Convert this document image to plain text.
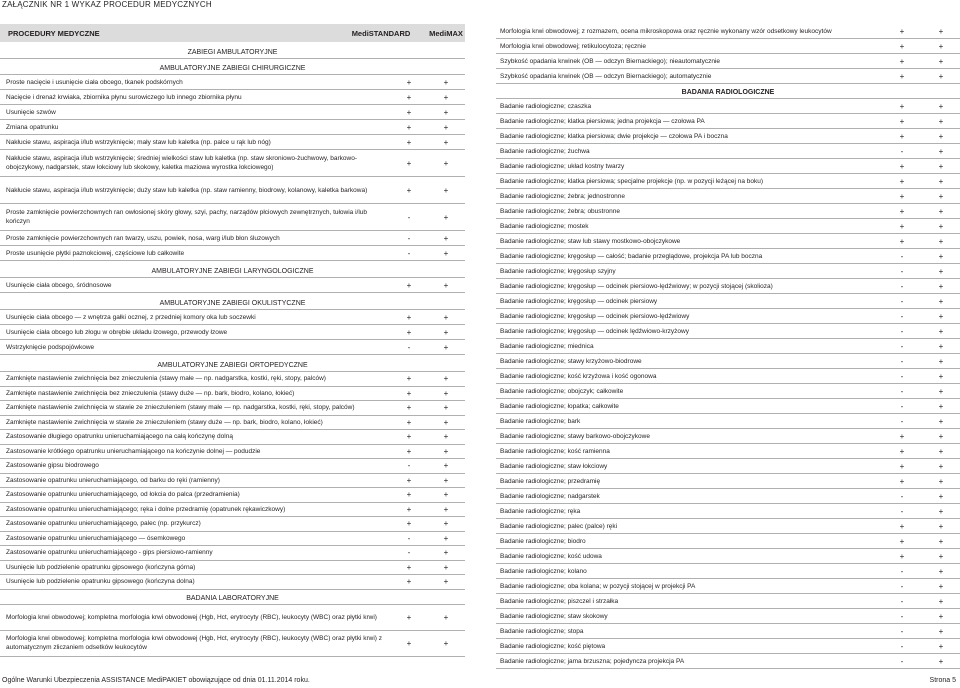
ZAŁĄCZNIK NR 1 WYKAZ PROCEDUR MEDYCZNYCH
PROCEDURY MEDYCZNE	MediSTANDARD	MediMAX
ZABIEGI AMBULATORYJNE
AMBULATORYJNE ZABIEGI CHIRURGICZNE
Proste nacięcie i usunięcie ciała obcego, tkanek podskórnych	+	+
Nacięcie i drenaż krwiaka, zbiornika płynu surowiczego lub innego zbiornika płynu	+	+
Usunięcie szwów	+	+
Zmiana opatrunku	+	+
Nakłucie stawu, aspiracja i/lub wstrzyknięcie; mały staw lub kaletka (np. palce u rąk lub nóg)	+	+
Nakłucie stawu, aspiracja i/lub wstrzyknięcie; średniej wielkości staw lub kaletka (np. staw skroniowo-żuchwowy, barkowo-obojczykowy, nadgarstek, staw łokciowy lub skokowy, kaletka maziowa wyrostka łokciowego)	+	+
Nakłucie stawu, aspiracja i/lub wstrzyknięcie; duży staw lub kaletka (np. staw ramienny, biodrowy, kolanowy, kaletka barkowa)	+	+
Proste zamknięcie powierzchownych ran owłosionej skóry głowy, szyi, pachy, narządów płciowych zewnętrznych, tułowia i/lub kończyn	-	+
Proste zamknięcie powierzchownych ran twarzy, uszu, powiek, nosa, warg i/lub błon śluzowych	-	+
Proste usunięcie płytki paznokciowej, częściowe lub całkowite	-	+
AMBULATORYJNE ZABIEGI LARYNGOLOGICZNE
Usunięcie ciała obcego, śródnosowe	+	+
AMBULATORYJNE ZABIEGI OKULISTYCZNE
Usunięcie ciała obcego — z wnętrza gałki ocznej, z przedniej komory oka lub soczewki	+	+
Usunięcie ciała obcego lub złogu w obrębie układu łzowego, przewody łzowe	+	+
Wstrzyknięcie podspojówkowe	-	+
AMBULATORYJNE ZABIEGI ORTOPEDYCZNE
Zamknięte nastawienie zwichnięcia bez znieczulenia (stawy małe — np. nadgarstka, kostki, ręki, stopy, palców)	+	+
Zamknięte nastawienie zwichnięcia bez znieczulenia (stawy duże — np. bark, biodro, kolano, łokieć)	+	+
Zamknięte nastawienie zwichnięcia w stawie ze znieczuleniem (stawy małe — np. nadgarstka, kostki, ręki, stopy, palców)	+	+
Zamknięte nastawienie zwichnięcia w stawie ze znieczuleniem (stawy duże — np. bark, biodro, kolano, łokieć)	+	+
Zastosowanie długiego opatrunku unieruchamiającego na całą kończynę dolną	+	+
Zastosowanie krótkiego opatrunku unieruchamiającego na kończynie dolnej — podudzie	+	+
Zastosowanie gipsu biodrowego	-	+
Zastosowanie opatrunku unieruchamiającego, od barku do ręki (ramienny)	+	+
Zastosowanie opatrunku unieruchamiającego, od łokcia do palca (przedramienia)	+	+
Zastosowanie opatrunku unieruchamiającego; ręka i dolne przedramię (opatrunek rękawiczkowy)	+	+
Zastosowanie opatrunku unieruchamiającego, palec (np. przykurcz)	+	+
Zastosowanie opatrunku unieruchamiającego — ósemkowego	-	+
Zastosowanie opatrunku unieruchamiającego - gips piersiowo-ramienny	-	+
Usunięcie lub podzielenie opatrunku gipsowego (kończyna górna)	+	+
Usunięcie lub podzielenie opatrunku gipsowego (kończyna dolna)	+	+
BADANIA LABORATORYJNE
Morfologia krwi obwodowej; kompletna morfologia krwi obwodowej (Hgb, Hct, erytrocyty (RBC), leukocyty (WBC) oraz płytki krwi)	+	+
Morfologia krwi obwodowej; kompletna morfologia krwi obwodowej (Hgb, Hct, erytrocyty (RBC), leukocyty (WBC) oraz płytki krwi) z automatycznym zliczaniem odsetków leukocytów	+	+
Morfologia krwi obwodowej; z rozmazem, ocena mikroskopowa oraz ręcznie wykonany wzór odsetkowy leukocytów	+	+
Morfologia krwi obwodowej; retikulocytoza; ręcznie	+	+
Szybkość opadania krwinek (OB — odczyn Biernackiego); nieautomatycznie	+	+
Szybkość opadania krwinek (OB — odczyn Biernackiego); automatycznie	+	+
BADANIA RADIOLOGICZNE
Badanie radiologiczne; czaszka	+	+
Badanie radiologiczne; klatka piersiowa; jedna projekcja — czołowa PA	+	+
Badanie radiologiczne; klatka piersiowa; dwie projekcje — czołowa PA i boczna	+	+
Badanie radiologiczne; żuchwa	-	+
Badanie radiologiczne; układ kostny twarzy	+	+
Badanie radiologiczne; klatka piersiowa; specjalne projekcje (np. w pozycji leżącej na boku)	+	+
Badanie radiologiczne; żebra; jednostronne	+	+
Badanie radiologiczne; żebra; obustronne	+	+
Badanie radiologiczne; mostek	+	+
Badanie radiologiczne; staw lub stawy mostkowo-obojczykowe	+	+
Badanie radiologiczne; kręgosłup — całość; badanie przeglądowe, projekcja PA lub boczna	-	+
Badanie radiologiczne; kręgosłup szyjny	-	+
Badanie radiologiczne; kręgosłup — odcinek piersiowo-lędźwiowy; w pozycji stojącej (skolioza)	-	+
Badanie radiologiczne; kręgosłup — odcinek piersiowy	-	+
Badanie radiologiczne; kręgosłup — odcinek piersiowo-lędźwiowy	-	+
Badanie radiologiczne; kręgosłup — odcinek lędźwiowo-krzyżowy	-	+
Badanie radiologiczne; miednica	-	+
Badanie radiologiczne; stawy krzyżowo-biodrowe	-	+
Badanie radiologiczne; kość krzyżowa i kość ogonowa	-	+
Badanie radiologiczne; obojczyk; całkowite	-	+
Badanie radiologiczne; łopatka; całkowite	-	+
Badanie radiologiczne; bark	-	+
Badanie radiologiczne; stawy barkowo-obojczykowe	+	+
Badanie radiologiczne; kość ramienna	+	+
Badanie radiologiczne; staw łokciowy	+	+
Badanie radiologiczne; przedramię	+	+
Badanie radiologiczne; nadgarstek	-	+
Badanie radiologiczne; ręka	-	+
Badanie radiologiczne; palec (palce) ręki	+	+
Badanie radiologiczne; biodro	+	+
Badanie radiologiczne; kość udowa	+	+
Badanie radiologiczne; kolano	-	+
Badanie radiologiczne; oba kolana; w pozycji stojącej w projekcji PA	-	+
Badanie radiologiczne; piszczel i strzałka	-	+
Badanie radiologiczne; staw skokowy	-	+
Badanie radiologiczne; stopa	-	+
Badanie radiologiczne; kość piętowa	-	+
Badanie radiologiczne; jama brzuszna; pojedyncza projekcja PA	-	+
Ogólne Warunki Ubezpieczenia ASSISTANCE MediPAKIET obowiązujące od dnia 01.11.2014 roku.	Strona 5
